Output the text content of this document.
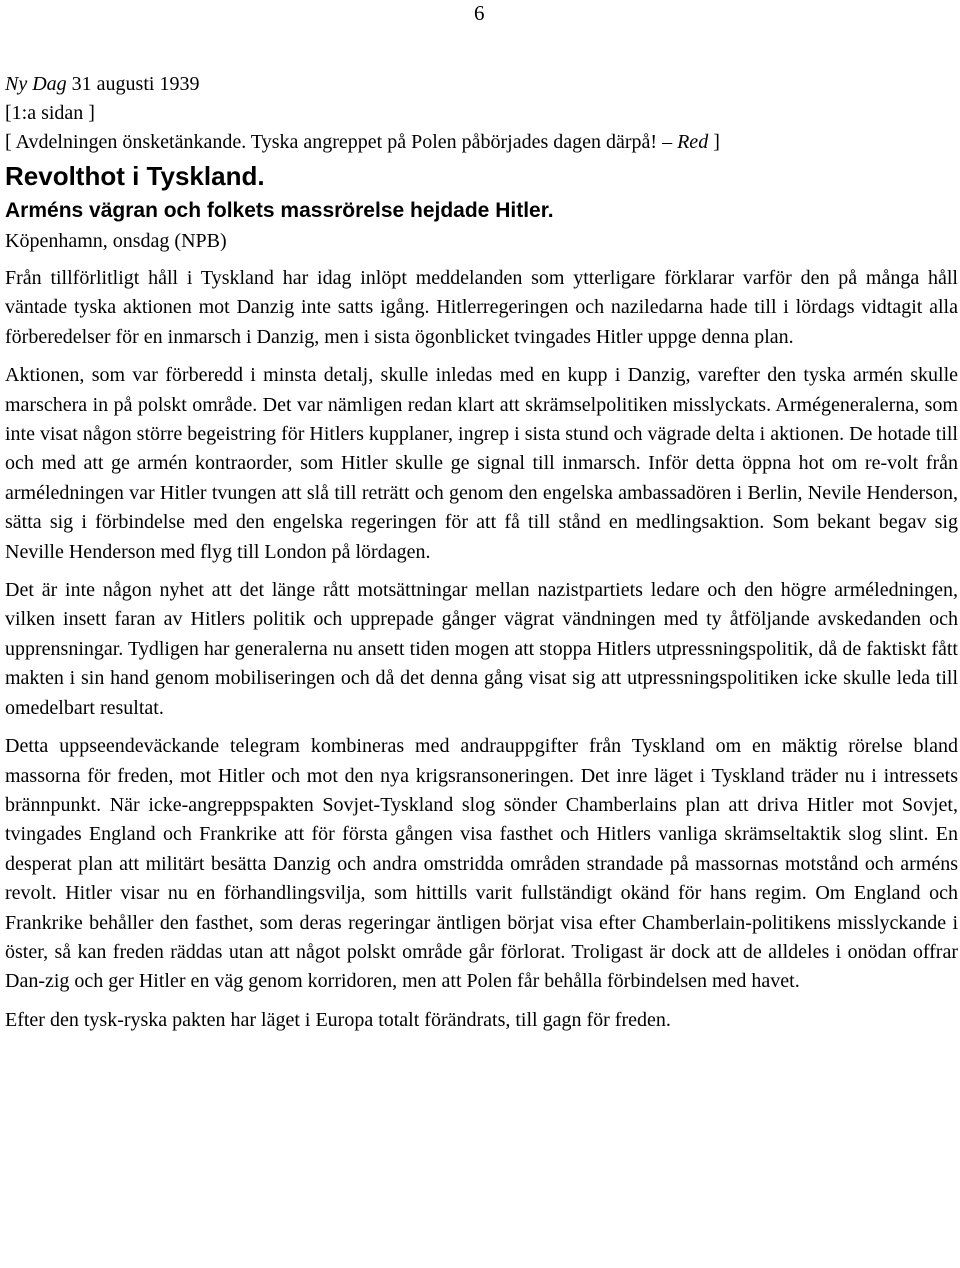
6

Ny Dag 31 augusti 1939

[1:a sidan ]

[ Avdelningen önsketänkande. Tyska angreppet på Polen påbörjades dagen därpå! – Red ]

Revolthot i Tyskland.
Arméns vägran och folkets massrörelse hejdade Hitler.

Köpenhamn, onsdag (NPB)

Från tillförlitligt håll i Tyskland har idag inlöpt meddelanden som ytterligare förklarar varför den på många håll väntade tyska aktionen mot Danzig inte satts igång. Hitlerregeringen och naziledarna hade till i lördags vidtagit alla förberedelser för en inmarsch i Danzig, men i sista ögonblicket tvingades Hitler uppge denna plan.

Aktionen, som var förberedd i minsta detalj, skulle inledas med en kupp i Danzig, varefter den tyska armén skulle marschera in på polskt område. Det var nämligen redan klart att skrämselpolitiken misslyckats. Armégeneralerna, som inte visat någon större begeistring för Hitlers kupplaner, ingrep i sista stund och vägrade delta i aktionen. De hotade till och med att ge armén kontraorder, som Hitler skulle ge signal till inmarsch. Inför detta öppna hot om re-volt från arméledningen var Hitler tvungen att slå till reträtt och genom den engelska ambassadören i Berlin, Nevile Henderson, sätta sig i förbindelse med den engelska regeringen för att få till stånd en medlingsaktion. Som bekant begav sig Neville Henderson med flyg till London på lördagen.

Det är inte någon nyhet att det länge rått motsättningar mellan nazistpartiets ledare och den högre arméledningen, vilken insett faran av Hitlers politik och upprepade gånger vägrat vändningen med ty åtföljande avskedanden och upprensningar. Tydligen har generalerna nu ansett tiden mogen att stoppa Hitlers utpressningspolitik, då de faktiskt fått makten i sin hand genom mobiliseringen och då det denna gång visat sig att utpressningspolitiken icke skulle leda till omedelbart resultat.

Detta uppseendeväckande telegram kombineras med andrauppgifter från Tyskland om en mäktig rörelse bland massorna för freden, mot Hitler och mot den nya krigsransoneringen. Det inre läget i Tyskland träder nu i intressets brännpunkt. När icke-angreppspakten Sovjet-Tyskland slog sönder Chamberlains plan att driva Hitler mot Sovjet, tvingades England och Frankrike att för första gången visa fasthet och Hitlers vanliga skrämseltaktik slog slint. En desperat plan att militärt besätta Danzig och andra omstridda områden strandade på massornas motstånd och arméns revolt. Hitler visar nu en förhandlingsvilja, som hittills varit fullständigt okänd för hans regim. Om England och Frankrike behåller den fasthet, som deras regeringar äntligen börjat visa efter Chamberlain-politikens misslyckande i öster, så kan freden räddas utan att något polskt område går förlorat. Troligast är dock att de alldeles i onödan offrar Dan-zig och ger Hitler en väg genom korridoren, men att Polen får behålla förbindelsen med havet.

Efter den tysk-ryska pakten har läget i Europa totalt förändrats, till gagn för freden.
